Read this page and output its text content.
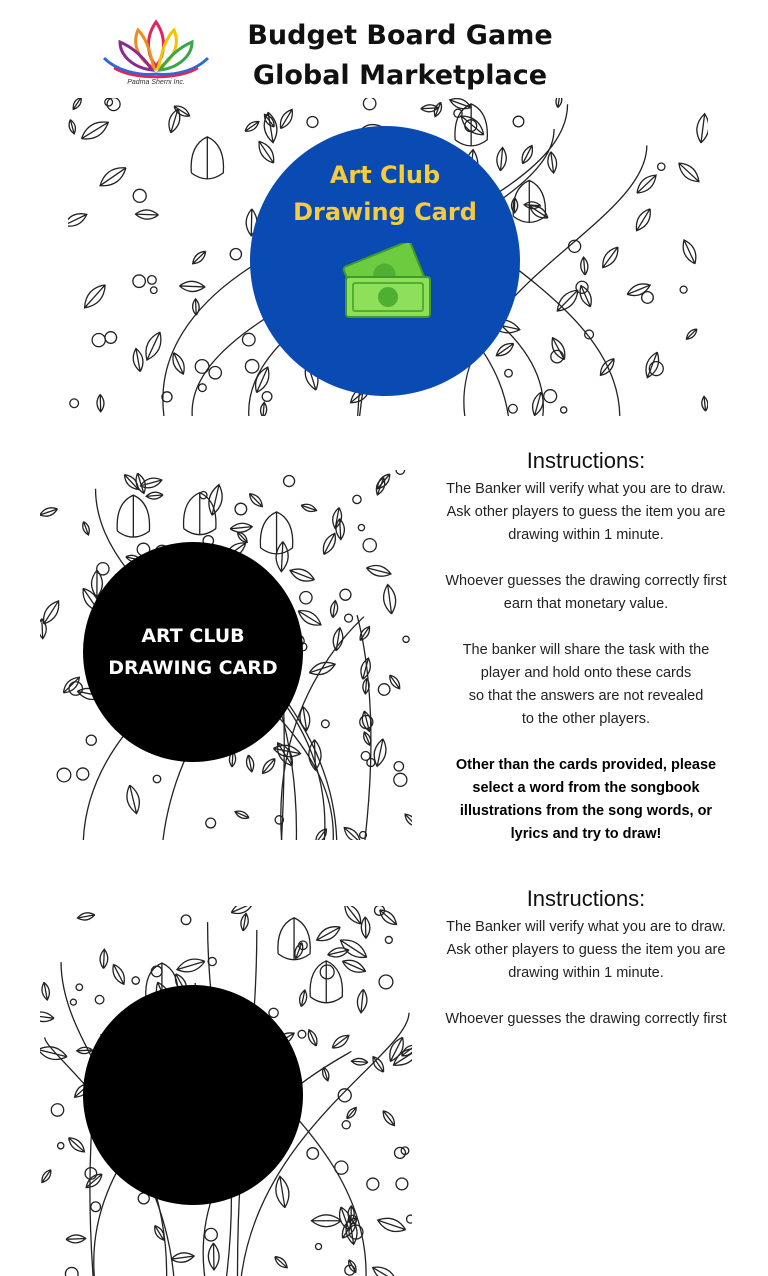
Padma Sherni Inc.
Budget Board Game
Global Marketplace
Art Club
Drawing Card
ART CLUB
DRAWING CARD
Instructions:

The Banker will verify what you are to draw.

Ask other players to guess the item you are

drawing within 1 minute.

Whoever guesses the drawing correctly first

earn that monetary value.

The banker will share the task with the

player and hold onto these cards

so that the answers are not revealed

to the other players.

Other than the cards provided, please

select a word from the songbook

illustrations from the song words, or

lyrics and try to draw!

Instructions:

The Banker will verify what you are to draw.

Ask other players to guess the item you are

drawing within 1 minute.

Whoever guesses the drawing correctly first
